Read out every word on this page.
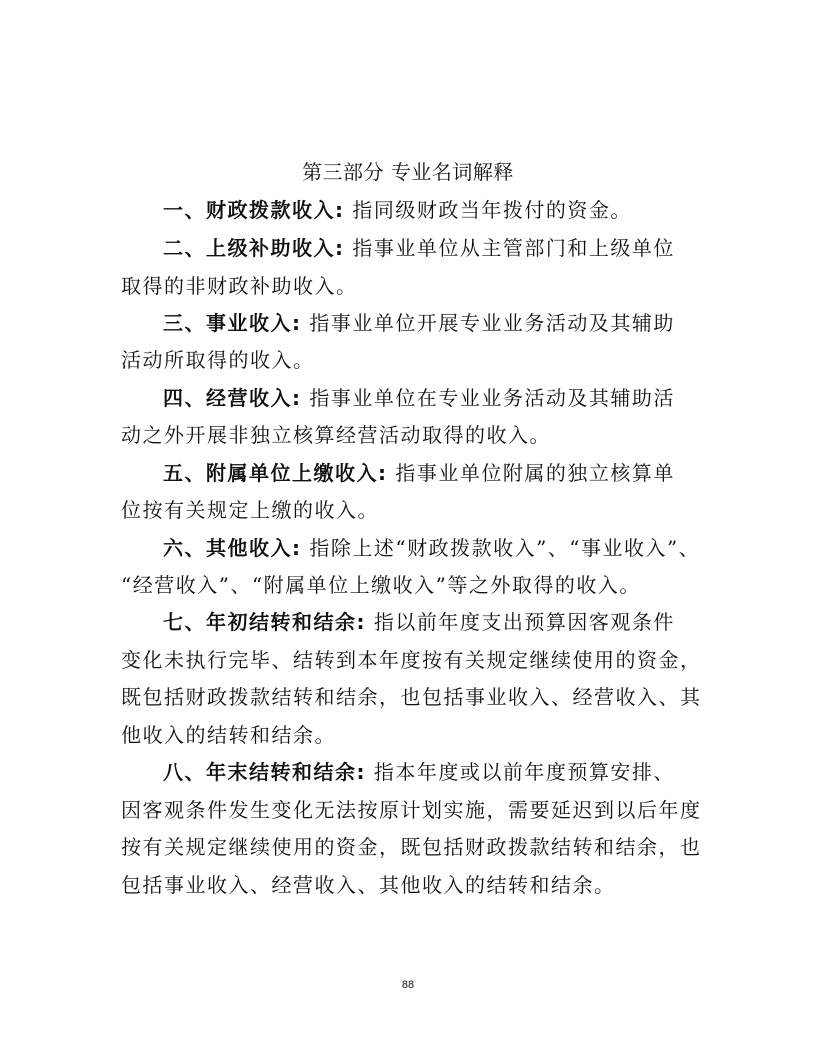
第三部分 专业名词解释
一、财政拨款收入: 指同级财政当年拨付的资金。
二、上级补助收入: 指事业单位从主管部门和上级单位
取得的非财政补助收入。
三、事业收入: 指事业单位开展专业业务活动及其辅助
活动所取得的收入。
四、经营收入: 指事业单位在专业业务活动及其辅助活
动之外开展非独立核算经营活动取得的收入。
五、附属单位上缴收入: 指事业单位附属的独立核算单
位按有关规定上缴的收入。
六、其他收入: 指除上述“财政拨款收入”、“事业收入”、
“经营收入”、“附属单位上缴收入”等之外取得的收入。
七、年初结转和结余: 指以前年度支出预算因客观条件
变化未执行完毕、结转到本年度按有关规定继续使用的资金，
既包括财政拨款结转和结余，也包括事业收入、经营收入、其
他收入的结转和结余。
八、年末结转和结余: 指本年度或以前年度预算安排、
因客观条件发生变化无法按原计划实施，需要延迟到以后年度
按有关规定继续使用的资金，既包括财政拨款结转和结余，也
包括事业收入、经营收入、其他收入的结转和结余。
88
